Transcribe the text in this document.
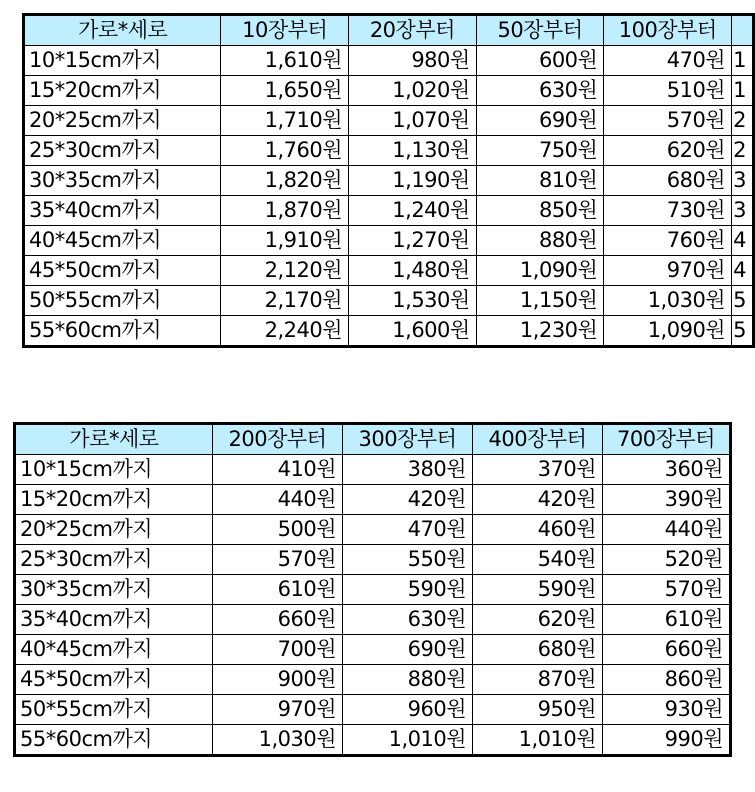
가로*세로	10장부터	20장부터	50장부터	100장부터	
10*15cm까지	1,610원	980원	600원	470원	1
15*20cm까지	1,650원	1,020원	630원	510원	1
20*25cm까지	1,710원	1,070원	690원	570원	2
25*30cm까지	1,760원	1,130원	750원	620원	2
30*35cm까지	1,820원	1,190원	810원	680원	3
35*40cm까지	1,870원	1,240원	850원	730원	3
40*45cm까지	1,910원	1,270원	880원	760원	4
45*50cm까지	2,120원	1,480원	1,090원	970원	4
50*55cm까지	2,170원	1,530원	1,150원	1,030원	5
55*60cm까지	2,240원	1,600원	1,230원	1,090원	5
가로*세로	200장부터	300장부터	400장부터	700장부터
10*15cm까지	410원	380원	370원	360원
15*20cm까지	440원	420원	420원	390원
20*25cm까지	500원	470원	460원	440원
25*30cm까지	570원	550원	540원	520원
30*35cm까지	610원	590원	590원	570원
35*40cm까지	660원	630원	620원	610원
40*45cm까지	700원	690원	680원	660원
45*50cm까지	900원	880원	870원	860원
50*55cm까지	970원	960원	950원	930원
55*60cm까지	1,030원	1,010원	1,010원	990원
